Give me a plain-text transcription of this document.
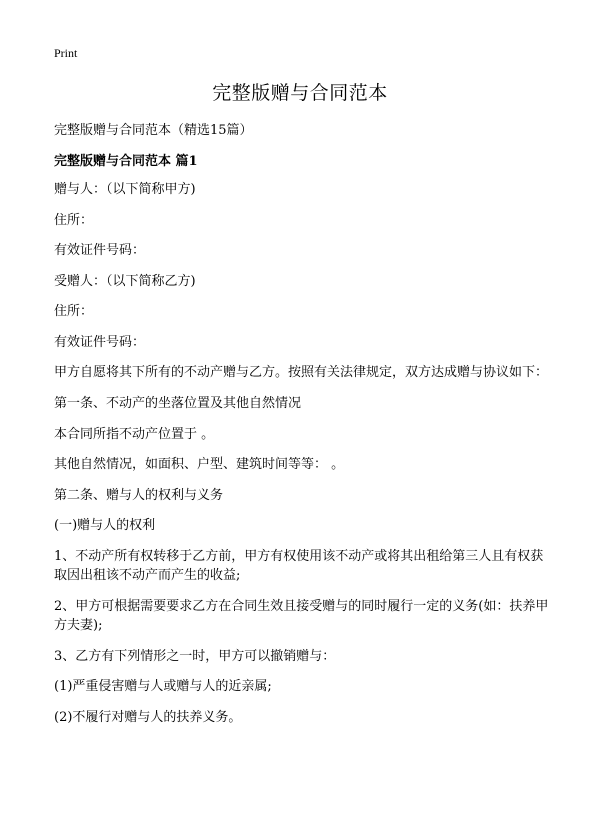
Print
完整版赠与合同范本
完整版赠与合同范本（精选15篇）
完整版赠与合同范本 篇1

赠与人：（以下简称甲方)

住所：

有效证件号码：

受赠人：（以下简称乙方)

住所：

有效证件号码：

甲方自愿将其下所有的不动产赠与乙方。按照有关法律规定，双方达成赠与协议如下：

第一条、不动产的坐落位置及其他自然情况

本合同所指不动产位置于 。

其他自然情况，如面积、户型、建筑时间等等： 。

第二条、赠与人的权利与义务

(一)赠与人的权利

1、不动产所有权转移于乙方前，甲方有权使用该不动产或将其出租给第三人且有权获取因出租该不动产而产生的收益;

2、甲方可根据需要要求乙方在合同生效且接受赠与的同时履行一定的义务(如：扶养甲方夫妻);

3、乙方有下列情形之一时，甲方可以撤销赠与：

(1)严重侵害赠与人或赠与人的近亲属;

(2)不履行对赠与人的扶养义务。
